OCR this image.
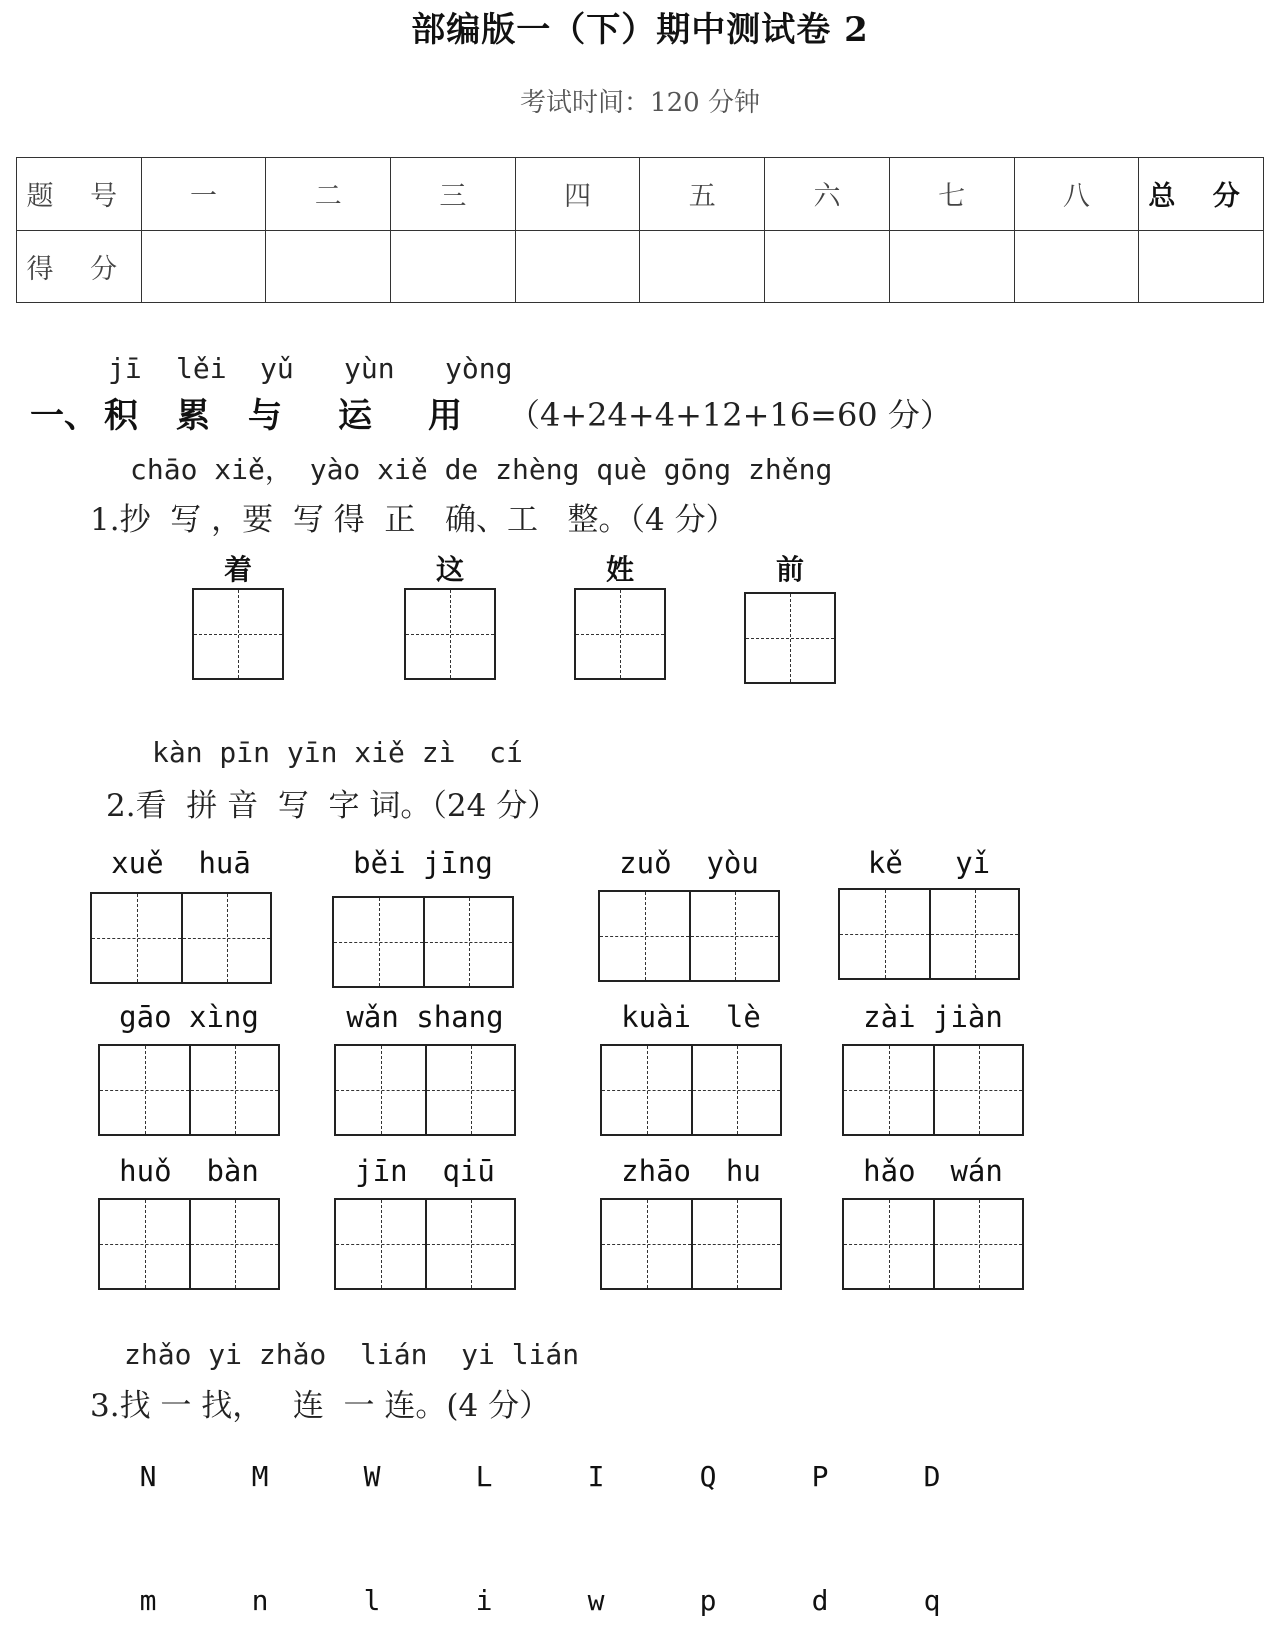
部编版一（下）期中测试卷 2
考试时间：120 分钟
题 号	一	二	三	四	五	六	七	八	总 分
得 分									
jī lěi yǔ yùn yòng
一、 积 累 与 运 用 （4+24+4+12+16=60 分）
chāo xiě， yào xiě de zhèng què gōng zhěng
1.抄  写 ，要  写 得  正   确、工   整。（4 分）
着	这	姓	前
kàn pīn yīn xiě zì  cí
2.看  拼 音  写  字 词。（24 分）
xuě  huā	běi jīng	zuǒ  yòu	kě   yǐ
gāo xìng	wǎn shang	kuài  lè	zài jiàn
huǒ  bàn	jīn  qiū	zhāo  hu	hǎo  wán
zhǎo yi zhǎo  lián  yi lián
3.找 一 找，   连  一 连。(4 分）
N	M	W	L	I	Q	P	D
m	n	l	i	w	p	d	q
